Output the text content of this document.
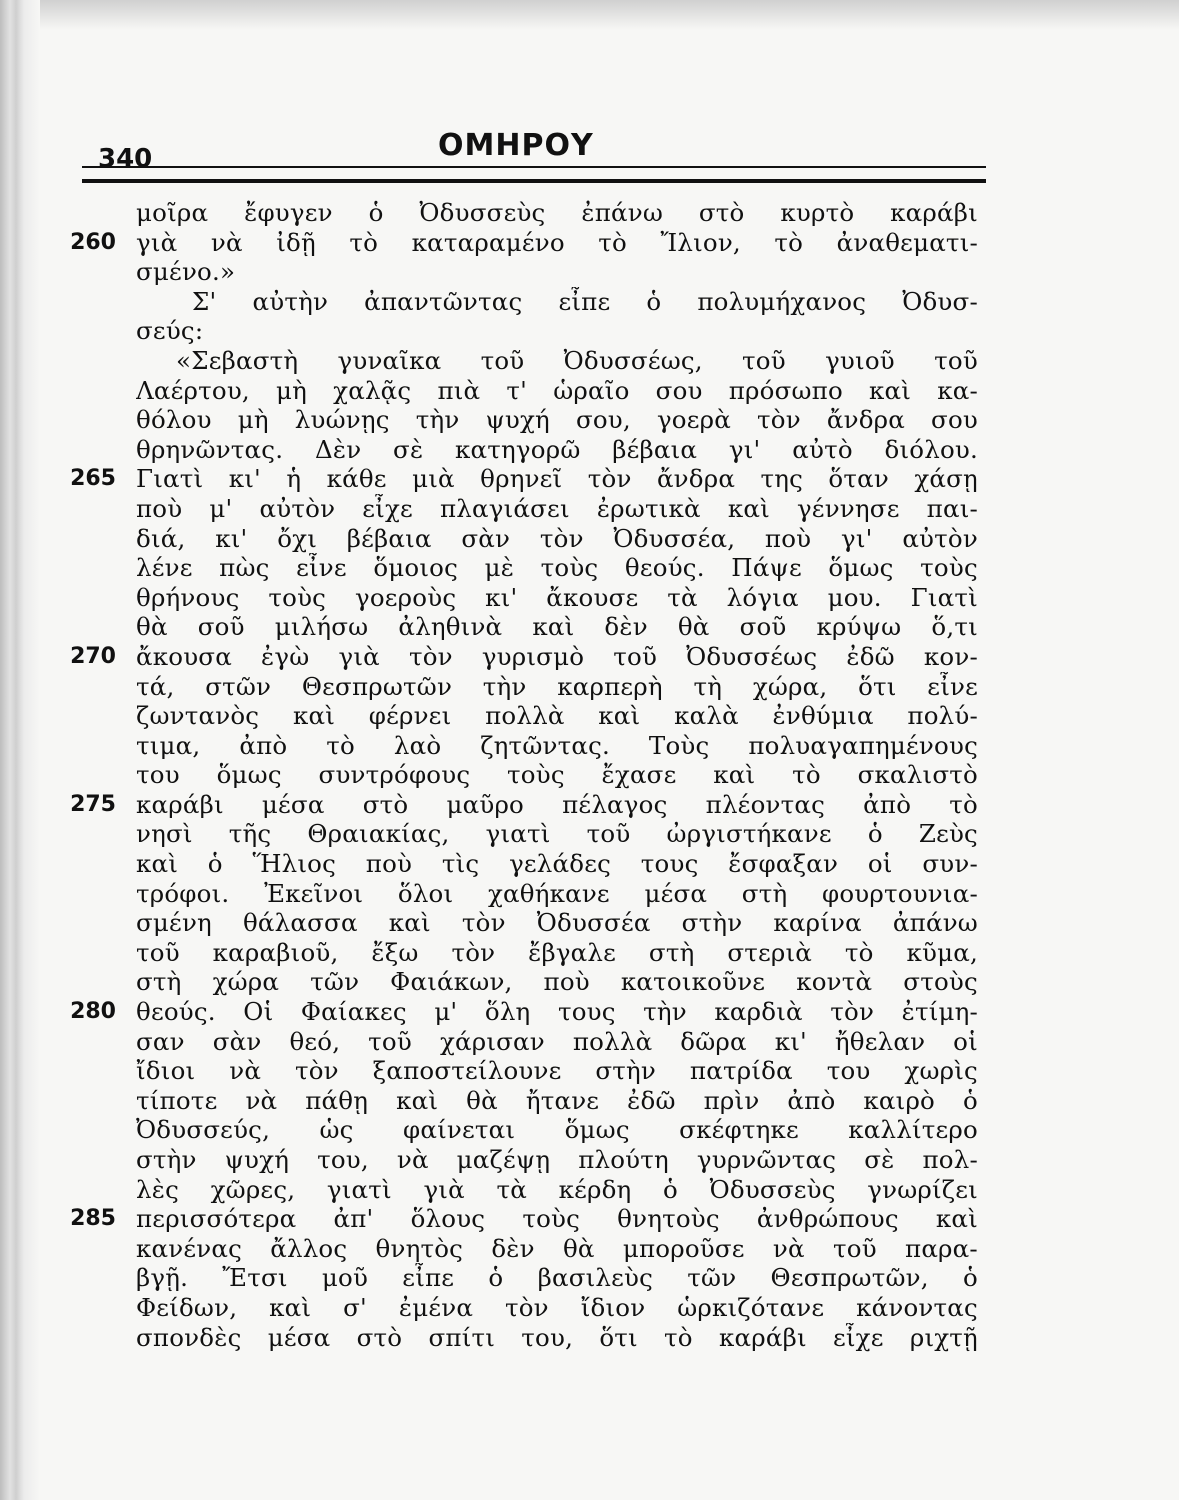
340	ΟΜΗΡΟΥ
μοῖρα ἔφυγεν ὁ Ὀδυσσεὺς ἐπάνω στὸ κυρτὸ καράβι
260 γιὰ νὰ ἰδῇ τὸ καταραμένο τὸ Ἴλιον, τὸ ἀναθεματι-
σμένο.»
Σ' αὐτὴν ἀπαντῶντας εἶπε ὁ πολυμήχανος Ὀδυσ-
σεύς:
«Σεβαστὴ γυναῖκα τοῦ Ὀδυσσέως, τοῦ γυιοῦ τοῦ
Λαέρτου, μὴ χαλᾷς πιὰ τ' ὡραῖο σου πρόσωπο καὶ κα-
θόλου μὴ λυώνῃς τὴν ψυχή σου, γοερὰ τὸν ἄνδρα σου
θρηνῶντας. Δὲν σὲ κατηγορῶ βέβαια γι' αὐτὸ διόλου.
265 Γιατὶ κι' ἡ κάθε μιὰ θρηνεῖ τὸν ἄνδρα της ὅταν χάσῃ
ποὺ μ' αὐτὸν εἶχε πλαγιάσει ἐρωτικὰ καὶ γέννησε παι-
διά, κι' ὄχι βέβαια σὰν τὸν Ὀδυσσέα, ποὺ γι' αὐτὸν
λένε πὼς εἶνε ὅμοιος μὲ τοὺς θεούς. Πάψε ὅμως τοὺς
θρήνους τοὺς γοεροὺς κι' ἄκουσε τὰ λόγια μου. Γιατὶ
θὰ σοῦ μιλήσω ἀληθινὰ καὶ δὲν θὰ σοῦ κρύψω ὅ,τι
270 ἄκουσα ἐγὼ γιὰ τὸν γυρισμὸ τοῦ Ὀδυσσέως ἐδῶ κον-
τά, στῶν Θεσπρωτῶν τὴν καρπερὴ τὴ χώρα, ὅτι εἶνε
ζωντανὸς καὶ φέρνει πολλὰ καὶ καλὰ ἐνθύμια πολύ-
τιμα, ἀπὸ τὸ λαὸ ζητῶντας. Τοὺς πολυαγαπημένους
του ὅμως συντρόφους τοὺς ἔχασε καὶ τὸ σκαλιστὸ
275 καράβι μέσα στὸ μαῦρο πέλαγος πλέοντας ἀπὸ τὸ
νησὶ τῆς Θραιακίας, γιατὶ τοῦ ὠργιστήκανε ὁ Ζεὺς
καὶ ὁ Ἥλιος ποὺ τὶς γελάδες τους ἔσφαξαν οἱ συν-
τρόφοι. Ἐκεῖνοι ὅλοι χαθήκανε μέσα στὴ φουρτουνια-
σμένη θάλασσα καὶ τὸν Ὀδυσσέα στὴν καρίνα ἀπάνω
τοῦ καραβιοῦ, ἔξω τὸν ἔβγαλε στὴ στεριὰ τὸ κῦμα,
στὴ χώρα τῶν Φαιάκων, ποὺ κατοικοῦνε κοντὰ στοὺς
280 θεούς. Οἱ Φαίακες μ' ὅλη τους τὴν καρδιὰ τὸν ἐτίμη-
σαν σὰν θεό, τοῦ χάρισαν πολλὰ δῶρα κι' ἤθελαν οἱ
ἴδιοι νὰ τὸν ξαποστείλουνε στὴν πατρίδα του χωρὶς
τίποτε νὰ πάθῃ καὶ θὰ ἤτανε ἐδῶ πρὶν ἀπὸ καιρὸ ὁ
Ὀδυσσεύς, ὡς φαίνεται ὅμως σκέφτηκε καλλίτερο
στὴν ψυχή του, νὰ μαζέψῃ πλούτη γυρνῶντας σὲ πολ-
λὲς χῶρες, γιατὶ γιὰ τὰ κέρδη ὁ Ὀδυσσεὺς γνωρίζει
285 περισσότερα ἀπ' ὅλους τοὺς θνητοὺς ἀνθρώπους καὶ
κανένας ἄλλος θνητὸς δὲν θὰ μποροῦσε νὰ τοῦ παρα-
βγῇ. Ἔτσι μοῦ εἶπε ὁ βασιλεὺς τῶν Θεσπρωτῶν, ὁ
Φείδων, καὶ σ' ἐμένα τὸν ἴδιον ὡρκιζότανε κάνοντας
σπονδὲς μέσα στὸ σπίτι του, ὅτι τὸ καράβι εἶχε ριχτῇ
